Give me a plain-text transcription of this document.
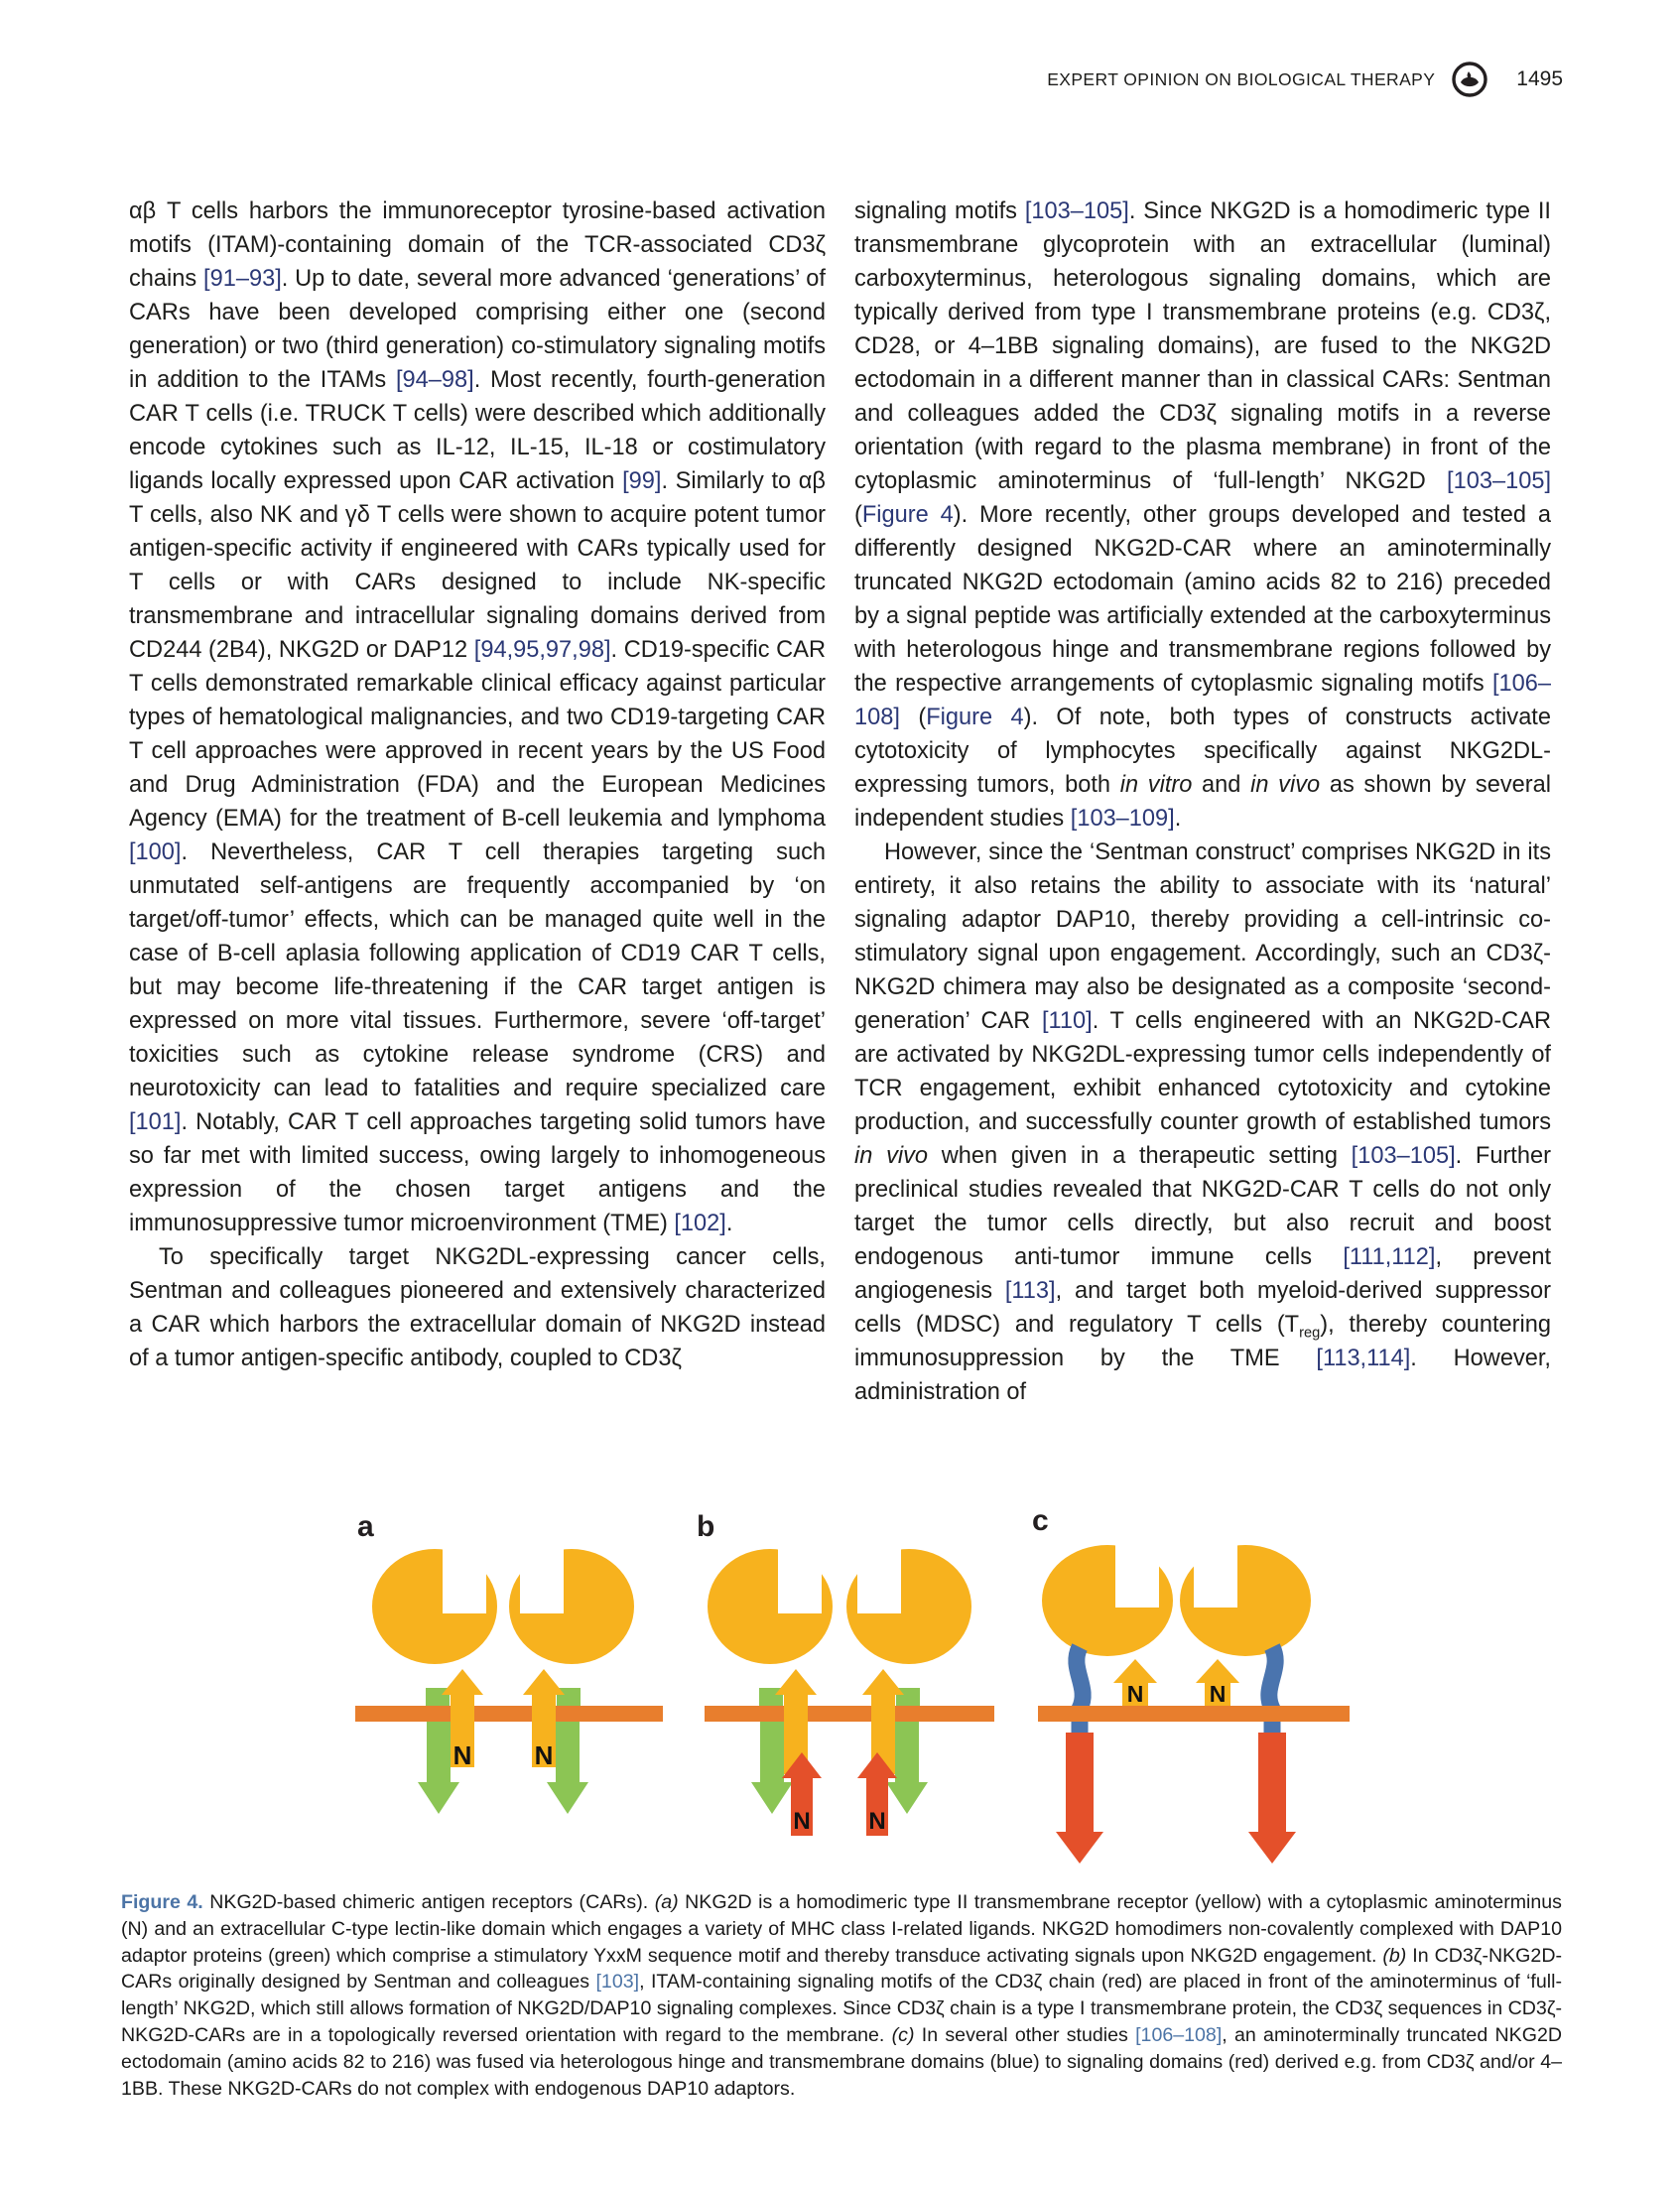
EXPERT OPINION ON BIOLOGICAL THERAPY	1495

αβ T cells harbors the immunoreceptor tyrosine-based activation motifs (ITAM)-containing domain of the TCR-associated CD3ζ chains [91–93]. Up to date, several more advanced ‘generations’ of CARs have been developed comprising either one (second generation) or two (third generation) co-stimulatory signaling motifs in addition to the ITAMs [94–98]. Most recently, fourth-generation CAR T cells (i.e. TRUCK T cells) were described which additionally encode cytokines such as IL-12, IL-15, IL-18 or costimulatory ligands locally expressed upon CAR activation [99]. Similarly to αβ T cells, also NK and γδ T cells were shown to acquire potent tumor antigen-specific activity if engineered with CARs typically used for T cells or with CARs designed to include NK-specific transmembrane and intracellular signaling domains derived from CD244 (2B4), NKG2D or DAP12 [94,95,97,98]. CD19-specific CAR T cells demonstrated remarkable clinical efficacy against particular types of hematological malignancies, and two CD19-targeting CAR T cell approaches were approved in recent years by the US Food and Drug Administration (FDA) and the European Medicines Agency (EMA) for the treatment of B-cell leukemia and lymphoma [100]. Nevertheless, CAR T cell therapies targeting such unmutated self-antigens are frequently accompanied by ‘on target/off-tumor’ effects, which can be managed quite well in the case of B-cell aplasia following application of CD19 CAR T cells, but may become life-threatening if the CAR target antigen is expressed on more vital tissues. Furthermore, severe ‘off-target’ toxicities such as cytokine release syndrome (CRS) and neurotoxicity can lead to fatalities and require specialized care [101]. Notably, CAR T cell approaches targeting solid tumors have so far met with limited success, owing largely to inhomogeneous expression of the chosen target antigens and the immunosuppressive tumor microenvironment (TME) [102].

To specifically target NKG2DL-expressing cancer cells, Sentman and colleagues pioneered and extensively characterized a CAR which harbors the extracellular domain of NKG2D instead of a tumor antigen-specific antibody, coupled to CD3ζ

signaling motifs [103–105]. Since NKG2D is a homodimeric type II transmembrane glycoprotein with an extracellular (luminal) carboxyterminus, heterologous signaling domains, which are typically derived from type I transmembrane proteins (e.g. CD3ζ, CD28, or 4–1BB signaling domains), are fused to the NKG2D ectodomain in a different manner than in classical CARs: Sentman and colleagues added the CD3ζ signaling motifs in a reverse orientation (with regard to the plasma membrane) in front of the cytoplasmic aminoterminus of ‘full-length’ NKG2D [103–105] (Figure 4). More recently, other groups developed and tested a differently designed NKG2D-CAR where an aminoterminally truncated NKG2D ectodomain (amino acids 82 to 216) preceded by a signal peptide was artificially extended at the carboxyterminus with heterologous hinge and transmembrane regions followed by the respective arrangements of cytoplasmic signaling motifs [106–108] (Figure 4). Of note, both types of constructs activate cytotoxicity of lymphocytes specifically against NKG2DL-expressing tumors, both in vitro and in vivo as shown by several independent studies [103–109].

However, since the ‘Sentman construct’ comprises NKG2D in its entirety, it also retains the ability to associate with its ‘natural’ signaling adaptor DAP10, thereby providing a cell-intrinsic co-stimulatory signal upon engagement. Accordingly, such an CD3ζ-NKG2D chimera may also be designated as a composite ‘second-generation’ CAR [110]. T cells engineered with an NKG2D-CAR are activated by NKG2DL-expressing tumor cells independently of TCR engagement, exhibit enhanced cytotoxicity and cytokine production, and successfully counter growth of established tumors in vivo when given in a therapeutic setting [103–105]. Further preclinical studies revealed that NKG2D-CAR T cells do not only target the tumor cells directly, but also recruit and boost endogenous anti-tumor immune cells [111,112], prevent angiogenesis [113], and target both myeloid-derived suppressor cells (MDSC) and regulatory T cells $(T_{reg})$, thereby countering immunosuppression by the TME [113,114]. However, administration of

a
N N
b
N N
c
N	N
Figure 4. NKG2D-based chimeric antigen receptors (CARs). (a) NKG2D is a homodimeric type II transmembrane receptor (yellow) with a cytoplasmic aminoterminus (N) and an extracellular C-type lectin-like domain which engages a variety of MHC class I-related ligands. NKG2D homodimers non-covalently complexed with DAP10 adaptor proteins (green) which comprise a stimulatory YxxM sequence motif and thereby transduce activating signals upon NKG2D engagement. (b) In CD3ζ-NKG2D-CARs originally designed by Sentman and colleagues [103], ITAM-containing signaling motifs of the CD3ζ chain (red) are placed in front of the aminoterminus of ‘full-length’ NKG2D, which still allows formation of NKG2D/DAP10 signaling complexes. Since CD3ζ chain is a type I transmembrane protein, the CD3ζ sequences in CD3ζ-NKG2D-CARs are in a topologically reversed orientation with regard to the membrane. (c) In several other studies [106–108], an aminoterminally truncated NKG2D ectodomain (amino acids 82 to 216) was fused via heterologous hinge and transmembrane domains (blue) to signaling domains (red) derived e.g. from CD3ζ and/or 4–1BB. These NKG2D-CARs do not complex with endogenous DAP10 adaptors.
